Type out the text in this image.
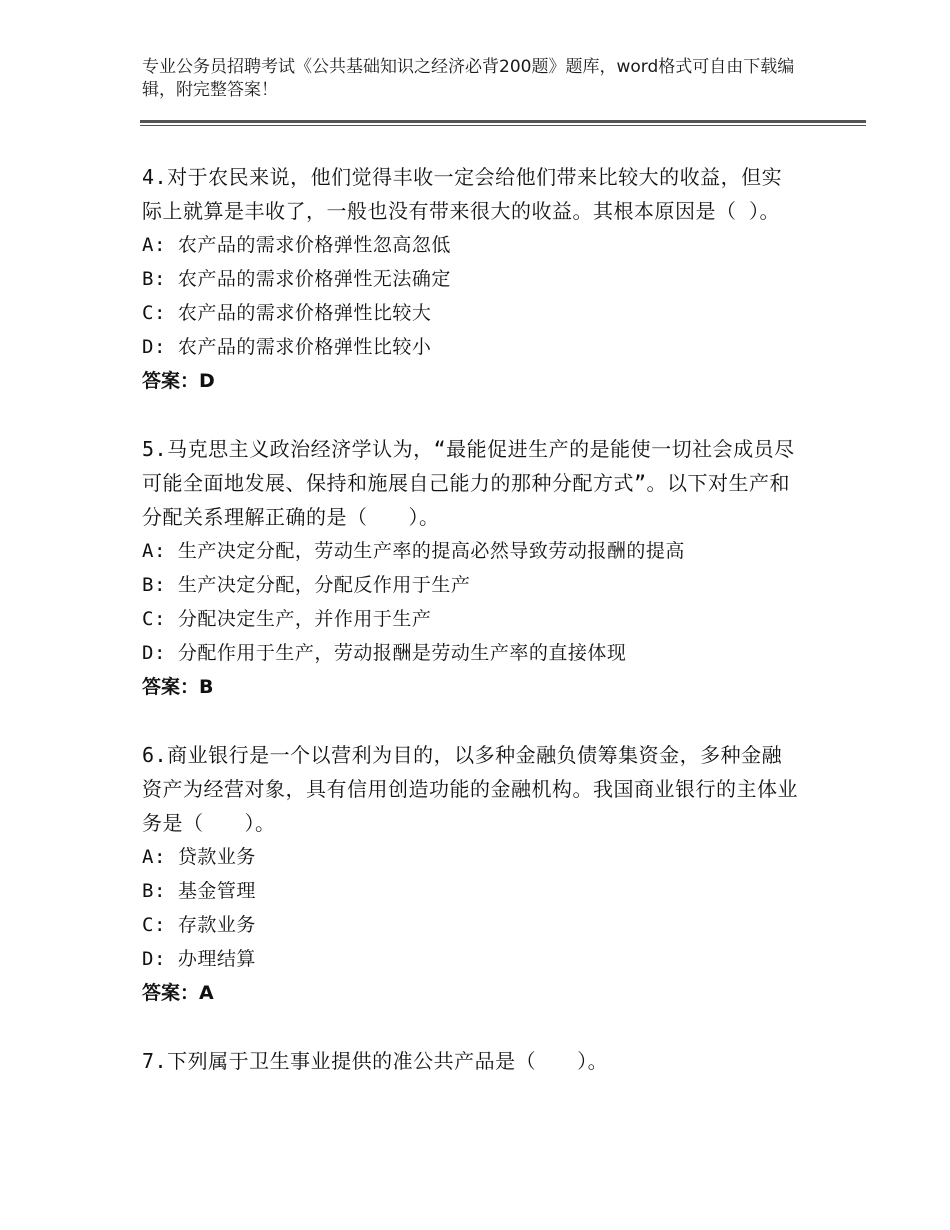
专业公务员招聘考试《公共基础知识之经济必背200题》题库，word格式可自由下载编辑，附完整答案！
4.对于农民来说，他们觉得丰收一定会给他们带来比较大的收益，但实际上就算是丰收了，一般也没有带来很大的收益。其根本原因是（ ）。
A: 农产品的需求价格弹性忽高忽低
B: 农产品的需求价格弹性无法确定
C: 农产品的需求价格弹性比较大
D: 农产品的需求价格弹性比较小
答案：D
5.马克思主义政治经济学认为，“最能促进生产的是能使一切社会成员尽可能全面地发展、保持和施展自己能力的那种分配方式”。以下对生产和分配关系理解正确的是（　　）。
A: 生产决定分配，劳动生产率的提高必然导致劳动报酬的提高
B: 生产决定分配，分配反作用于生产
C: 分配决定生产，并作用于生产
D: 分配作用于生产，劳动报酬是劳动生产率的直接体现
答案：B
6.商业银行是一个以营利为目的，以多种金融负债筹集资金，多种金融资产为经营对象，具有信用创造功能的金融机构。我国商业银行的主体业务是（　　）。
A: 贷款业务
B: 基金管理
C: 存款业务
D: 办理结算
答案：A
7.下列属于卫生事业提供的准公共产品是（　　）。
